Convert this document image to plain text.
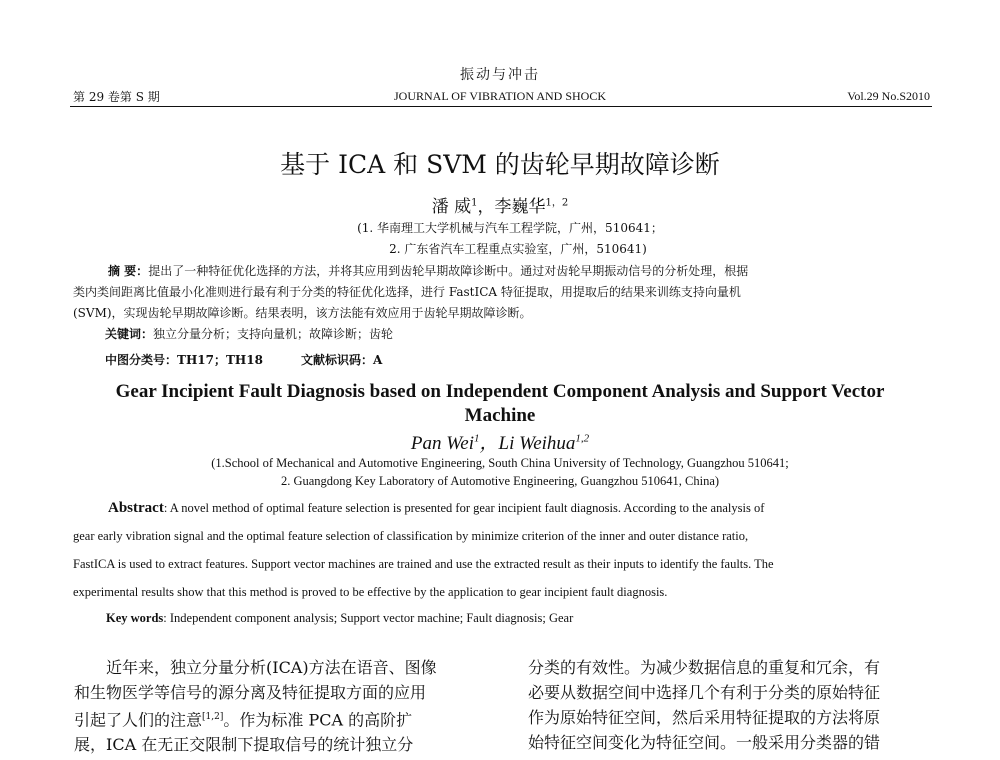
振动与冲击
第 29 卷第 S 期	JOURNAL OF VIBRATION AND SHOCK	Vol.29 No.S2010
基于 ICA 和 SVM 的齿轮早期故障诊断
潘 威$^1$，李巍华$^{1,2}$
(1. 华南理工大学机械与汽车工程学院，广州，510641；
2. 广东省汽车工程重点实验室，广州，510641)

摘 要：提出了一种特征优化选择的方法，并将其应用到齿轮早期故障诊断中。通过对齿轮早期振动信号的分析处理，根据

类内类间距离比值最小化准则进行最有利于分类的特征优化选择，进行 FastICA 特征提取，用提取后的结果来训练支持向量机

(SVM)，实现齿轮早期故障诊断。结果表明，该方法能有效应用于齿轮早期故障诊断。

关键词：独立分量分析；支持向量机；故障诊断；齿轮
中图分类号：TH17；TH18	文献标识码：A
Gear Incipient Fault Diagnosis based on Independent Component Analysis and Support Vector
Machine
Pan Wei$^1$，Li Weihua$^{1,2}$
(1.School of Mechanical and Automotive Engineering, South China University of Technology, Guangzhou 510641;
2. Guangdong Key Laboratory of Automotive Engineering, Guangzhou 510641, China)

Abstract: A novel method of optimal feature selection is presented for gear incipient fault diagnosis. According to the analysis of

gear early vibration signal and the optimal feature selection of classification by minimize criterion of the inner and outer distance ratio,

FastICA is used to extract features. Support vector machines are trained and use the extracted result as their inputs to identify the faults. The

experimental results show that this method is proved to be effective by the application to gear incipient fault diagnosis.

Key words: Independent component analysis; Support vector machine; Fault diagnosis; Gear

近年来，独立分量分析(ICA)方法在语音、图像

和生物医学等信号的源分离及特征提取方面的应用

引起了人们的注意[1,2]。作为标准 PCA 的高阶扩

展，ICA 在无正交限制下提取信号的统计独立分

分类的有效性。为减少数据信息的重复和冗余，有

必要从数据空间中选择几个有利于分类的原始特征

作为原始特征空间，然后采用特征提取的方法将原

始特征空间变化为特征空间。一般采用分类器的错
